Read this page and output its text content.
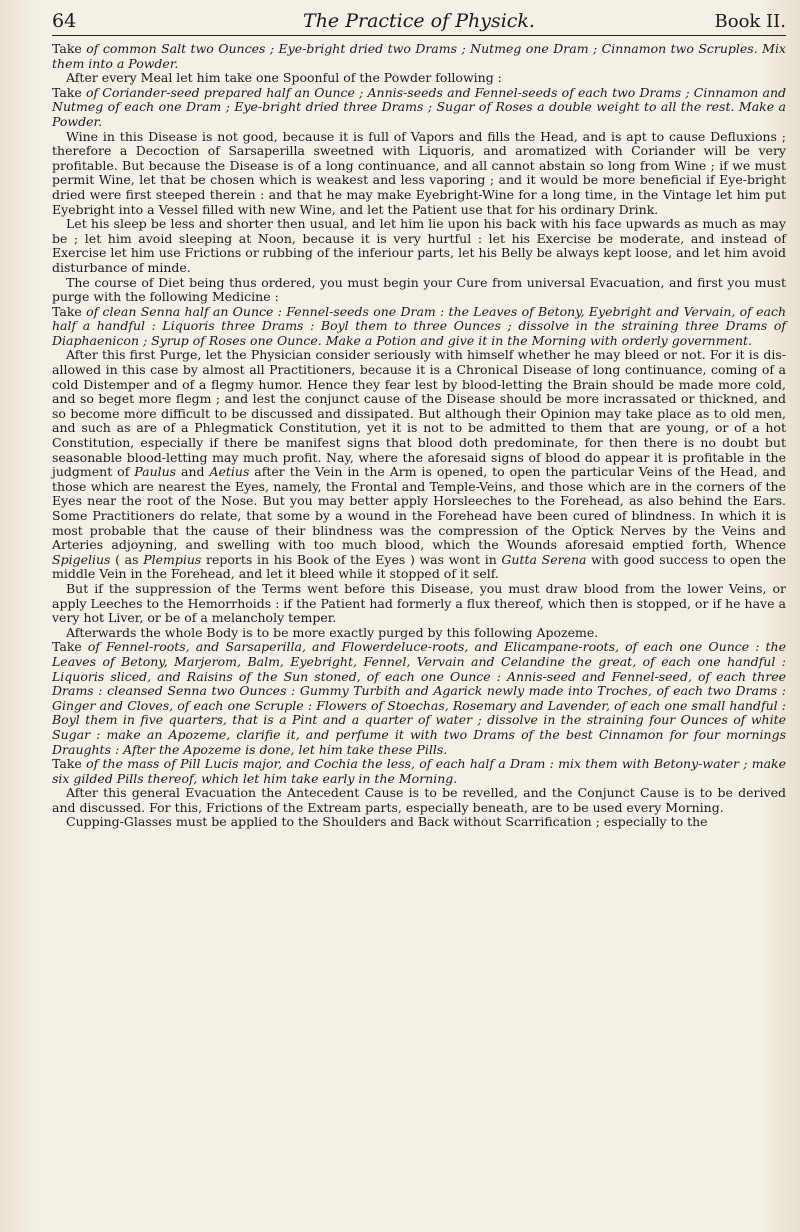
64	The Practice of Physick.	Book II.

Take of common Salt two Ounces ; Eye-bright dried two Drams ; Nutmeg one Dram ; Cinnamon two Scruples. Mix them into a Powder.

After every Meal let him take one Spoonful of the Powder following :

Take of Coriander-seed prepared half an Ounce ; Annis-seeds and Fennel-seeds of each two Drams ; Cinnamon and Nutmeg of each one Dram ; Eye-bright dried three Drams ; Sugar of Roses a double weight to all the rest. Make a Powder.

Wine in this Disease is not good, because it is full of Vapors and fills the Head, and is apt to cause Defluxions ; therefore a Decoction of Sarsaperilla sweetned with Liquoris, and aromatized with Coriander will be very profitable. But because the Disease is of a long continuance, and all cannot abstain so long from Wine ; if we must permit Wine, let that be chosen which is weakest and less vaporing ; and it would be more beneficial if Eye-bright dried were first steeped therein : and that he may make Eyebright-Wine for a long time, in the Vintage let him put Eyebright into a Vessel filled with new Wine, and let the Patient use that for his ordinary Drink.

Let his sleep be less and shorter then usual, and let him lie upon his back with his face upwards as much as may be ; let him avoid sleeping at Noon, because it is very hurtful : let his Exercise be moderate, and instead of Exercise let him use Frictions or rubbing of the inferiour parts, let his Belly be always kept loose, and let him avoid disturbance of minde.

The course of Diet being thus ordered, you must begin your Cure from universal Evacuation, and first you must purge with the following Medicine :

Take of clean Senna half an Ounce : Fennel-seeds one Dram : the Leaves of Betony, Eyebright and Vervain, of each half a handful : Liquoris three Drams : Boyl them to three Ounces ; dissolve in the straining three Drams of Diaphaenicon ; Syrup of Roses one Ounce. Make a Potion and give it in the Morning with orderly government.

After this first Purge, let the Physician consider seriously with himself whether he may bleed or not. For it is dis-allowed in this case by almost all Practitioners, because it is a Chronical Disease of long continuance, coming of a cold Distemper and of a flegmy humor. Hence they fear lest by blood-letting the Brain should be made more cold, and so beget more flegm ; and lest the conjunct cause of the Disease should be more incrassated or thickned, and so become more difficult to be discussed and dissipated. But although their Opinion may take place as to old men, and such as are of a Phlegmatick Constitution, yet it is not to be admitted to them that are young, or of a hot Constitution, especially if there be manifest signs that blood doth predominate, for then there is no doubt but seasonable blood-letting may much profit. Nay, where the aforesaid signs of blood do appear it is profitable in the judgment of Paulus and Aetius after the Vein in the Arm is opened, to open the particular Veins of the Head, and those which are nearest the Eyes, namely, the Frontal and Temple-Veins, and those which are in the corners of the Eyes near the root of the Nose. But you may better apply Horsleeches to the Forehead, as also behind the Ears. Some Practitioners do relate, that some by a wound in the Forehead have been cured of blindness. In which it is most probable that the cause of their blindness was the compression of the Optick Nerves by the Veins and Arteries adjoyning, and swelling with too much blood, which the Wounds aforesaid emptied forth, Whence Spigelius ( as Plempius reports in his Book of the Eyes ) was wont in Gutta Serena with good success to open the middle Vein in the Forehead, and let it bleed while it stopped of it self.

But if the suppression of the Terms went before this Disease, you must draw blood from the lower Veins, or apply Leeches to the Hemorrhoids : if the Patient had formerly a flux thereof, which then is stopped, or if he have a very hot Liver, or be of a melancholy temper.

Afterwards the whole Body is to be more exactly purged by this following Apozeme.

Take of Fennel-roots, and Sarsaperilla, and Flowerdeluce-roots, and Elicampane-roots, of each one Ounce : the Leaves of Betony, Marjerom, Balm, Eyebright, Fennel, Vervain and Celandine the great, of each one handful : Liquoris sliced, and Raisins of the Sun stoned, of each one Ounce : Annis-seed and Fennel-seed, of each three Drams : cleansed Senna two Ounces : Gummy Turbith and Agarick newly made into Troches, of each two Drams : Ginger and Cloves, of each one Scruple : Flowers of Stoechas, Rosemary and Lavender, of each one small handful : Boyl them in five quarters, that is a Pint and a quarter of water ; dissolve in the straining four Ounces of white Sugar : make an Apozeme, clarifie it, and perfume it with two Drams of the best Cinnamon for four mornings Draughts : After the Apozeme is done, let him take these Pills.

Take of the mass of Pill Lucis major, and Cochia the less, of each half a Dram : mix them with Betony-water ; make six gilded Pills thereof, which let him take early in the Morning.

After this general Evacuation the Antecedent Cause is to be revelled, and the Conjunct Cause is to be derived and discussed. For this, Frictions of the Extream parts, especially beneath, are to be used every Morning.

Cupping-Glasses must be applied to the Shoulders and Back without Scarrification ; especially to the
